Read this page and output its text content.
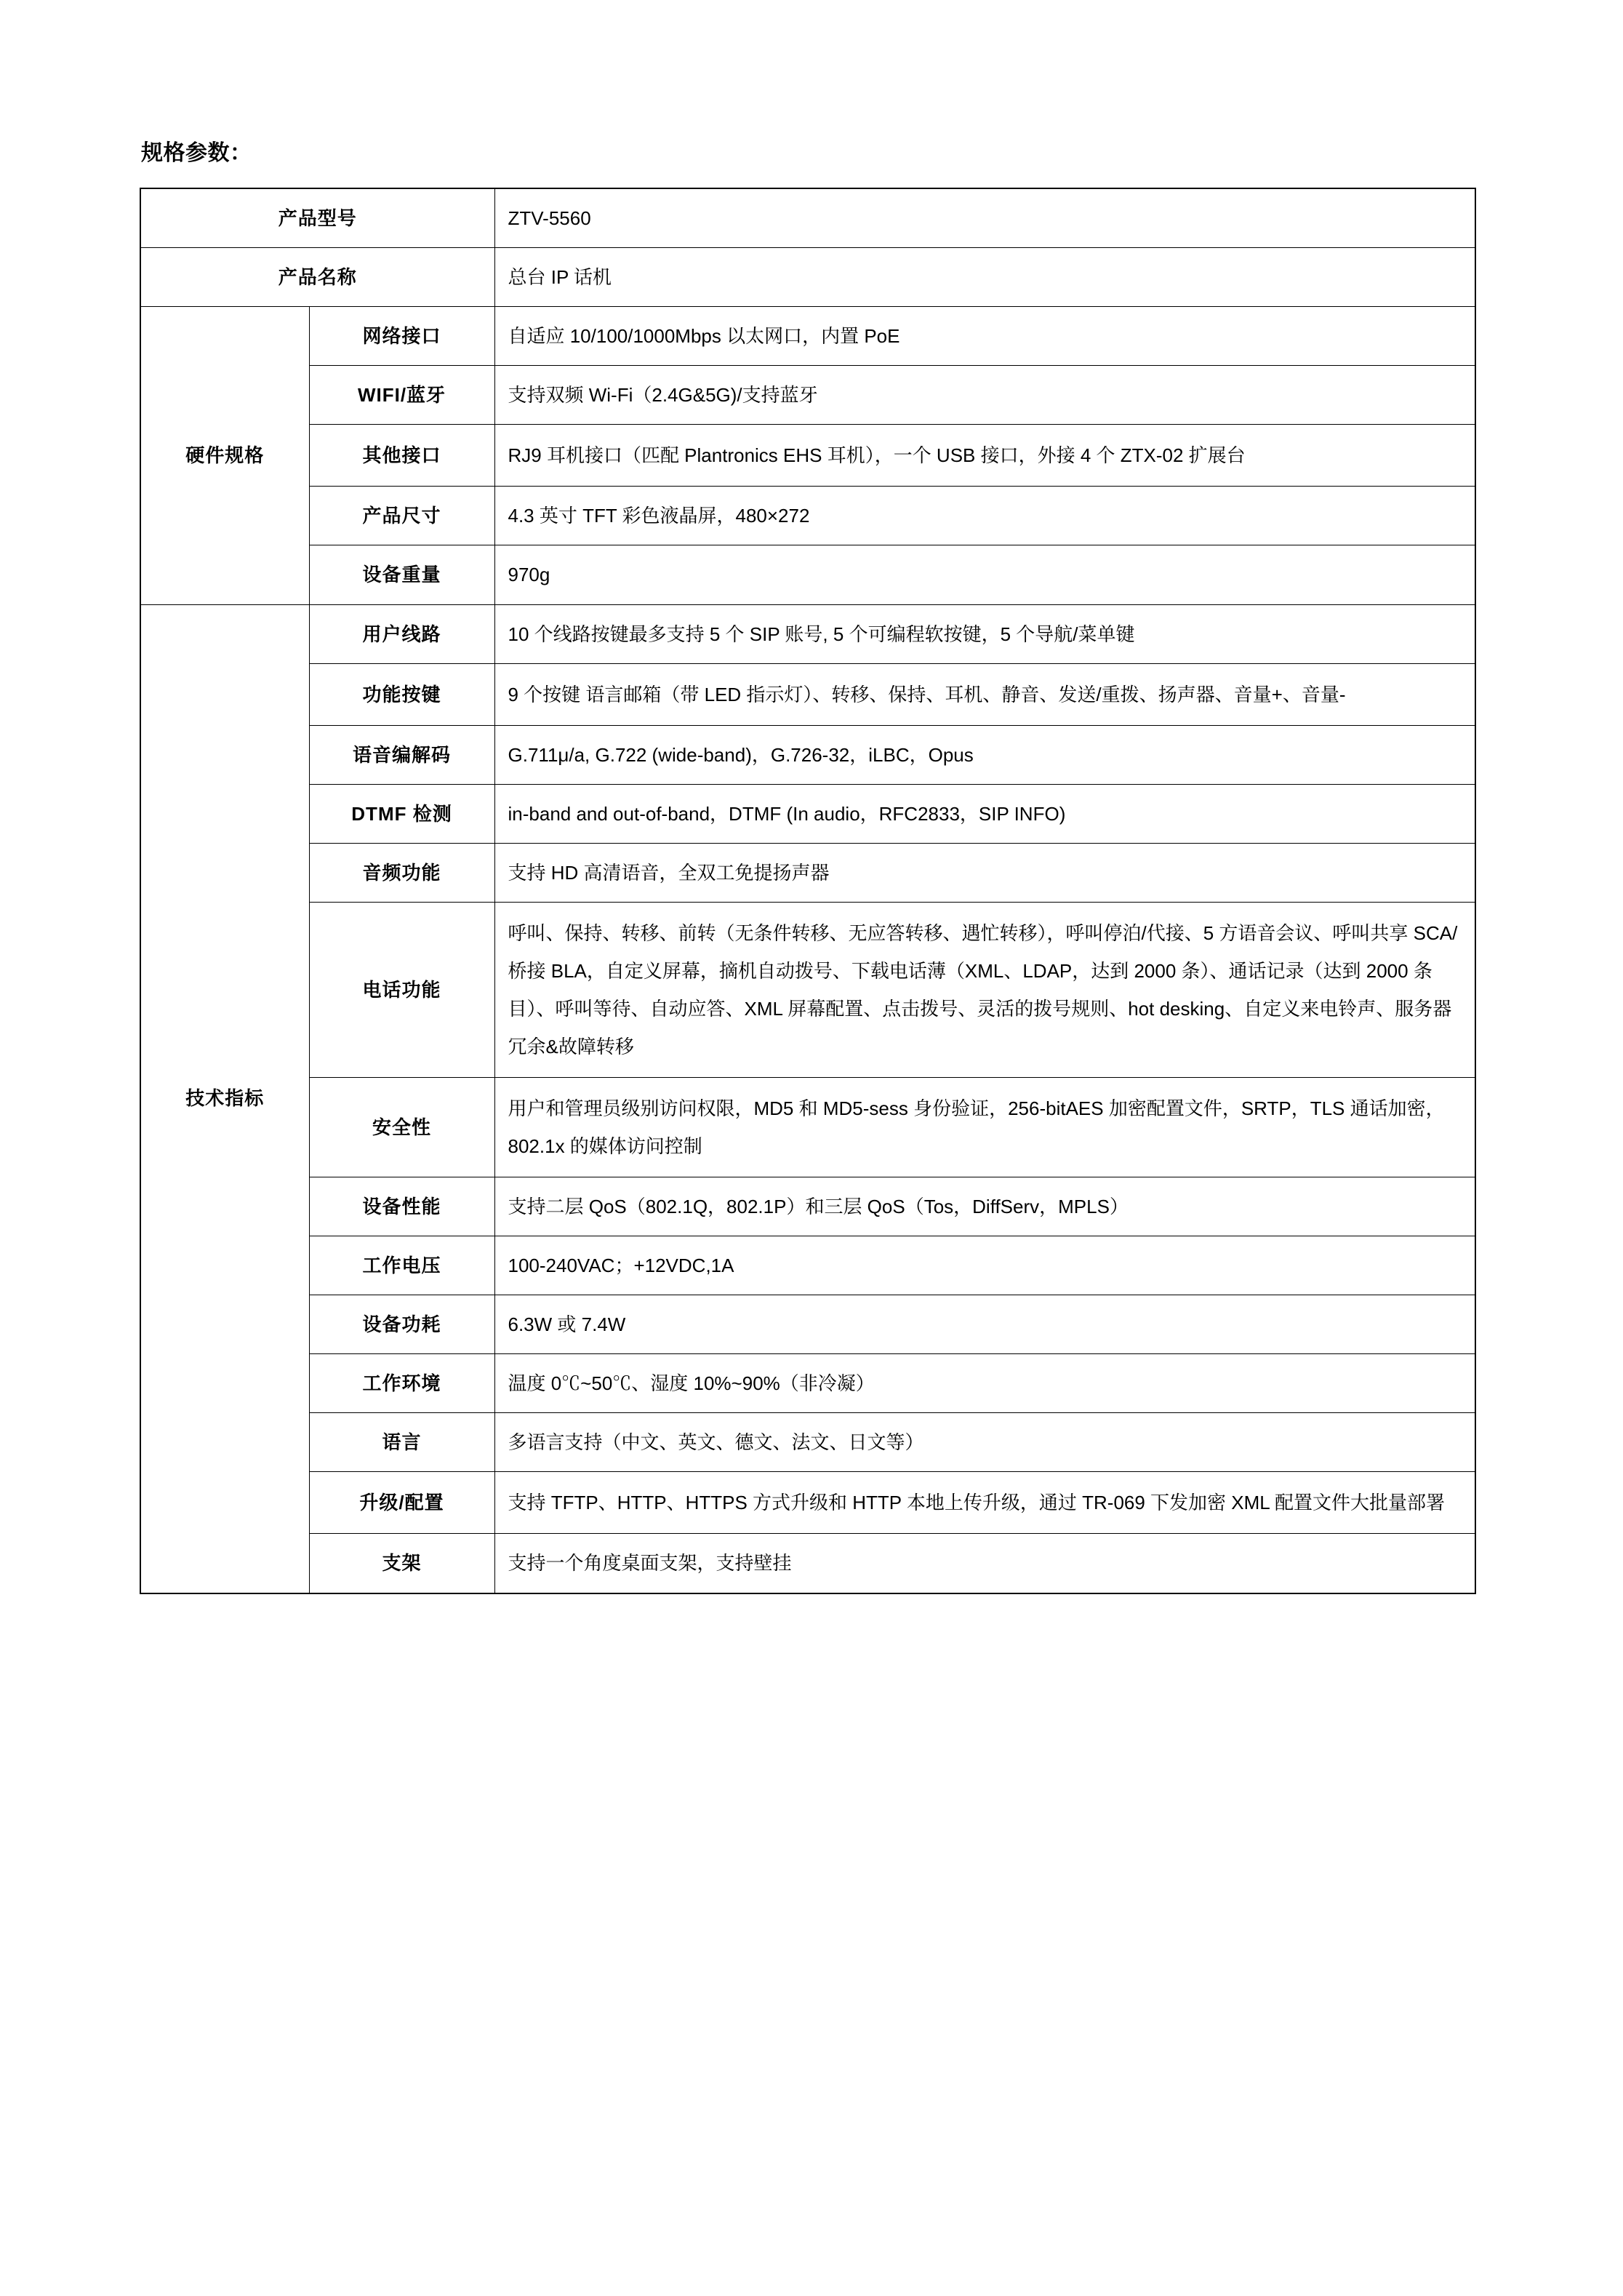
规格参数：
产品型号		ZTV-5560
产品名称		总台 IP 话机
硬件规格	网络接口	自适应 10/100/1000Mbps 以太网口，内置 PoE
	WIFI/蓝牙	支持双频 Wi-Fi（2.4G&5G)/支持蓝牙
	其他接口	RJ9 耳机接口（匹配 Plantronics EHS 耳机），一个 USB 接口，外接 4 个 ZTX-02 扩展台
	产品尺寸	4.3 英寸 TFT 彩色液晶屏，480×272
	设备重量	970g
技术指标	用户线路	10 个线路按键最多支持 5 个 SIP 账号, 5 个可编程软按键，5 个导航/菜单键
	功能按键	9 个按键 语言邮箱（带 LED 指示灯）、转移、保持、耳机、静音、发送/重拨、扬声器、音量+、音量-
	语音编解码	G.711μ/a, G.722 (wide-band)，G.726-32，iLBC，Opus
	DTMF 检测	in-band and out-of-band，DTMF (In audio，RFC2833，SIP INFO)
	音频功能	支持 HD 高清语音，全双工免提扬声器
	电话功能	呼叫、保持、转移、前转（无条件转移、无应答转移、遇忙转移），呼叫停泊/代接、5 方语音会议、呼叫共享 SCA/桥接 BLA，自定义屏幕，摘机自动拨号、下载电话薄（XML、LDAP，达到 2000 条）、通话记录（达到 2000 条目）、呼叫等待、自动应答、XML 屏幕配置、点击拨号、灵活的拨号规则、hot desking、自定义来电铃声、服务器冗余&故障转移
	安全性	用户和管理员级别访问权限，MD5 和 MD5-sess 身份验证，256-bitAES 加密配置文件，SRTP，TLS 通话加密，802.1x 的媒体访问控制
	设备性能	支持二层 QoS（802.1Q，802.1P）和三层 QoS（Tos，DiffServ，MPLS）
	工作电压	100-240VAC；+12VDC,1A
	设备功耗	6.3W 或 7.4W
	工作环境	温度 0℃~50℃、湿度 10%~90%（非冷凝）
	语言	多语言支持（中文、英文、德文、法文、日文等）
	升级/配置	支持 TFTP、HTTP、HTTPS 方式升级和 HTTP 本地上传升级，通过 TR-069 下发加密 XML 配置文件大批量部署
	支架	支持一个角度桌面支架，支持壁挂
